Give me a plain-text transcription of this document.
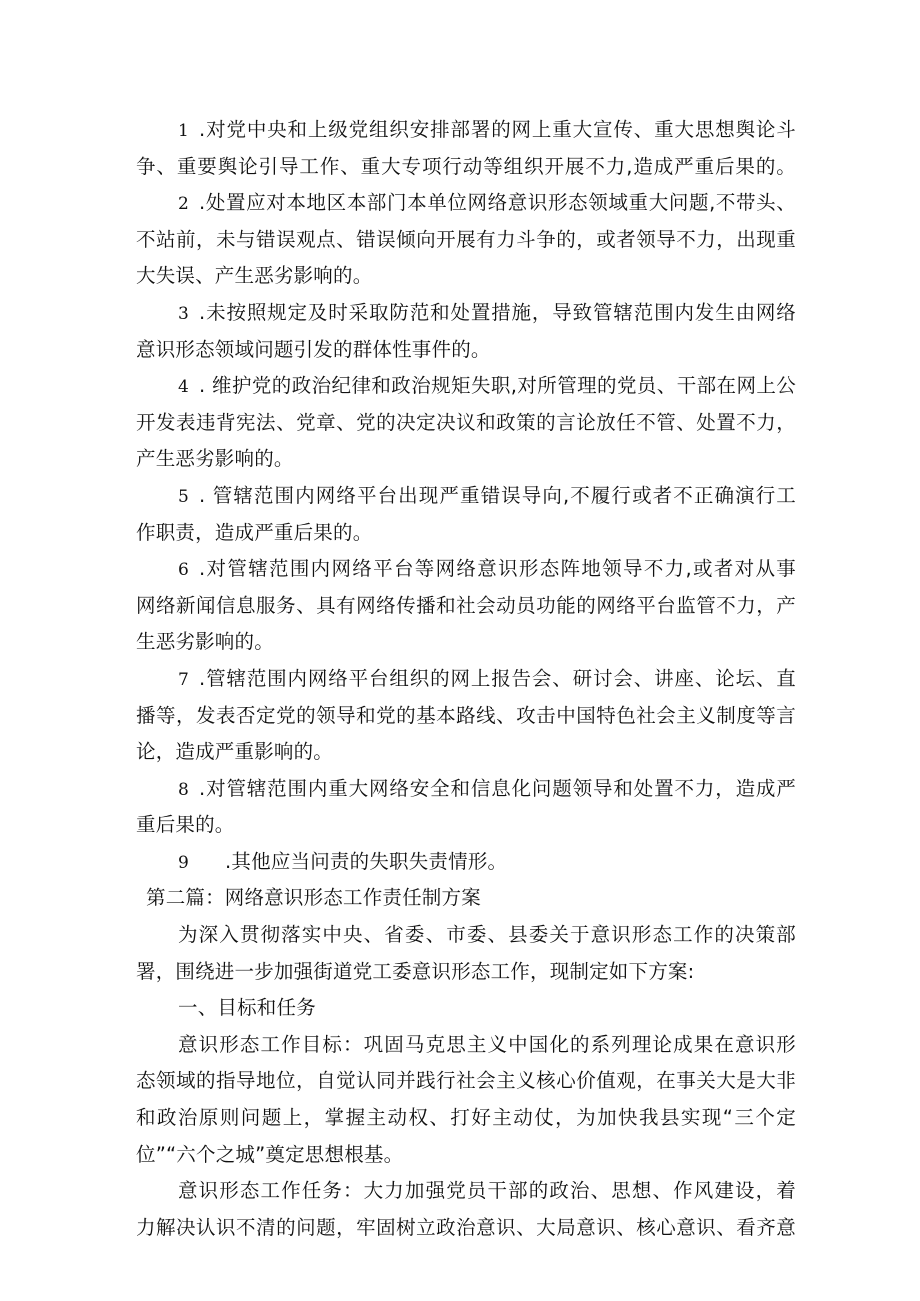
1 .对党中央和上级党组织安排部署的网上重大宣传、重大思想舆论斗
争、重要舆论引导工作、重大专项行动等组织开展不力,造成严重后果的。
2 .处置应对本地区本部门本单位网络意识形态领域重大问题,不带头、
不站前，未与错误观点、错误倾向开展有力斗争的，或者领导不力，出现重
大失误、产生恶劣影响的。
3 .未按照规定及时采取防范和处置措施，导致管辖范围内发生由网络
意识形态领域问题引发的群体性事件的。
4 . 维护党的政治纪律和政治规矩失职,对所管理的党员、干部在网上公
开发表违背宪法、党章、党的决定决议和政策的言论放任不管、处置不力，
产生恶劣影响的。
5 . 管辖范围内网络平台出现严重错误导向,不履行或者不正确演行工
作职责，造成严重后果的。
6 .对管辖范围内网络平台等网络意识形态阵地领导不力,或者对从事
网络新闻信息服务、具有网络传播和社会动员功能的网络平台监管不力，产
生恶劣影响的。
7 .管辖范围内网络平台组织的网上报告会、研讨会、讲座、论坛、直
播等，发表否定党的领导和党的基本路线、攻击中国特色社会主义制度等言
论，造成严重影响的。
8 .对管辖范围内重大网络安全和信息化问题领导和处置不力，造成严
重后果的。
9 .其他应当问责的失职失责情形。
第二篇：网络意识形态工作责任制方案
为深入贯彻落实中央、省委、市委、县委关于意识形态工作的决策部
署，围绕进一步加强街道党工委意识形态工作，现制定如下方案:
一、目标和任务
意识形态工作目标：巩固马克思主义中国化的系列理论成果在意识形
态领域的指导地位，自觉认同并践行社会主义核心价值观，在事关大是大非
和政治原则问题上，掌握主动权、打好主动仗，为加快我县实现“三个定
位”“六个之城”奠定思想根基。
意识形态工作任务：大力加强党员干部的政治、思想、作风建设，着
力解决认识不清的问题，牢固树立政治意识、大局意识、核心意识、看齐意
